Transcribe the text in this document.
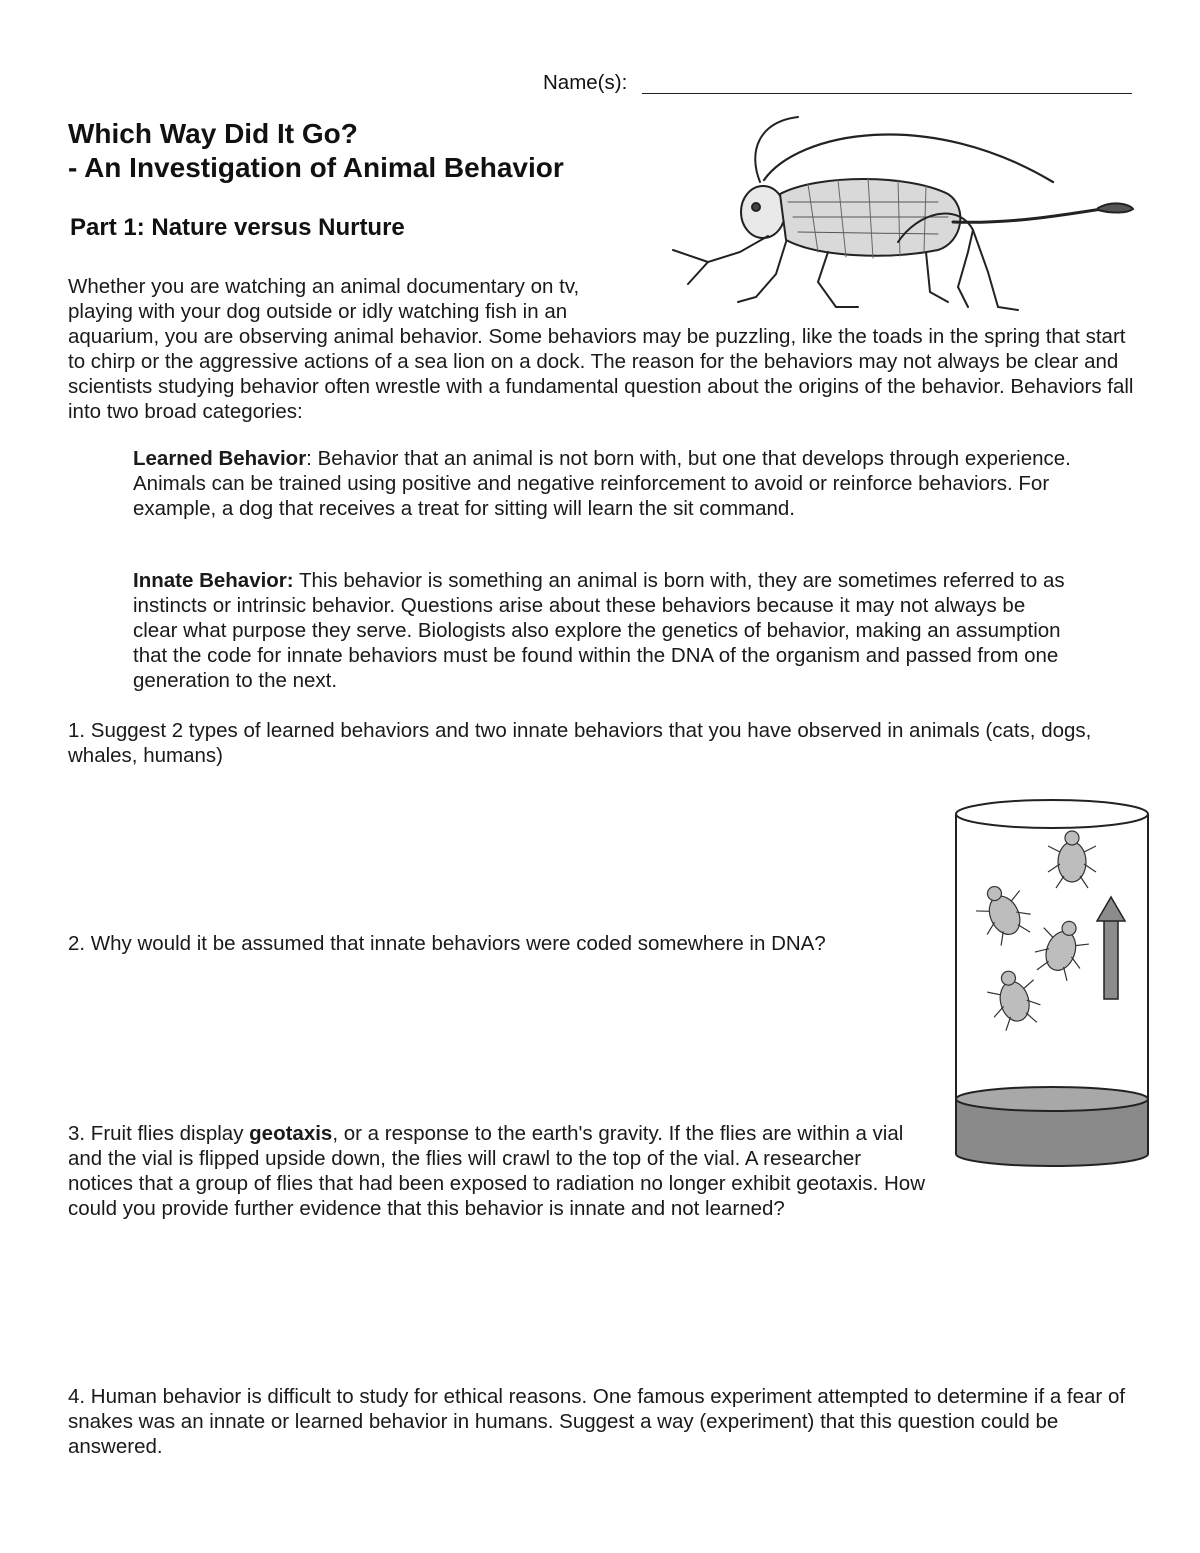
Name(s):
Which Way Did It Go?
- An Investigation of Animal Behavior
Part 1: Nature versus Nurture
Whether you are watching an animal documentary on tv, playing with your dog outside or idly watching fish in an
aquarium, you are observing animal behavior. Some behaviors may be puzzling, like the toads in the spring that start to chirp or the aggressive actions of a sea lion on a dock. The reason for the behaviors may not always be clear and scientists studying behavior often wrestle with a fundamental question about the origins of the behavior. Behaviors fall into two broad categories:
Learned Behavior: Behavior that an animal is not born with, but one that develops through experience. Animals can be trained using positive and negative reinforcement to avoid or reinforce behaviors. For example, a dog that receives a treat for sitting will learn the sit command.
Innate Behavior: This behavior is something an animal is born with, they are sometimes referred to as instincts or intrinsic behavior. Questions arise about these behaviors because it may not always be clear what purpose they serve. Biologists also explore the genetics of behavior, making an assumption that the code for innate behaviors must be found within the DNA of the organism and passed from one generation to the next.
1. Suggest 2 types of learned behaviors and two innate behaviors that you have observed in animals (cats, dogs, whales, humans)
2. Why would it be assumed that innate behaviors were coded somewhere in DNA?
3. Fruit flies display geotaxis, or a response to the earth's gravity. If the flies are within a vial and the vial is flipped upside down, the flies will crawl to the top of the vial. A researcher notices that a group of flies that had been exposed to radiation no longer exhibit geotaxis. How could you provide further evidence that this behavior is innate and not learned?
4. Human behavior is difficult to study for ethical reasons. One famous experiment attempted to determine if a fear of snakes was an innate or learned behavior in humans. Suggest a way (experiment) that this question could be answered.
